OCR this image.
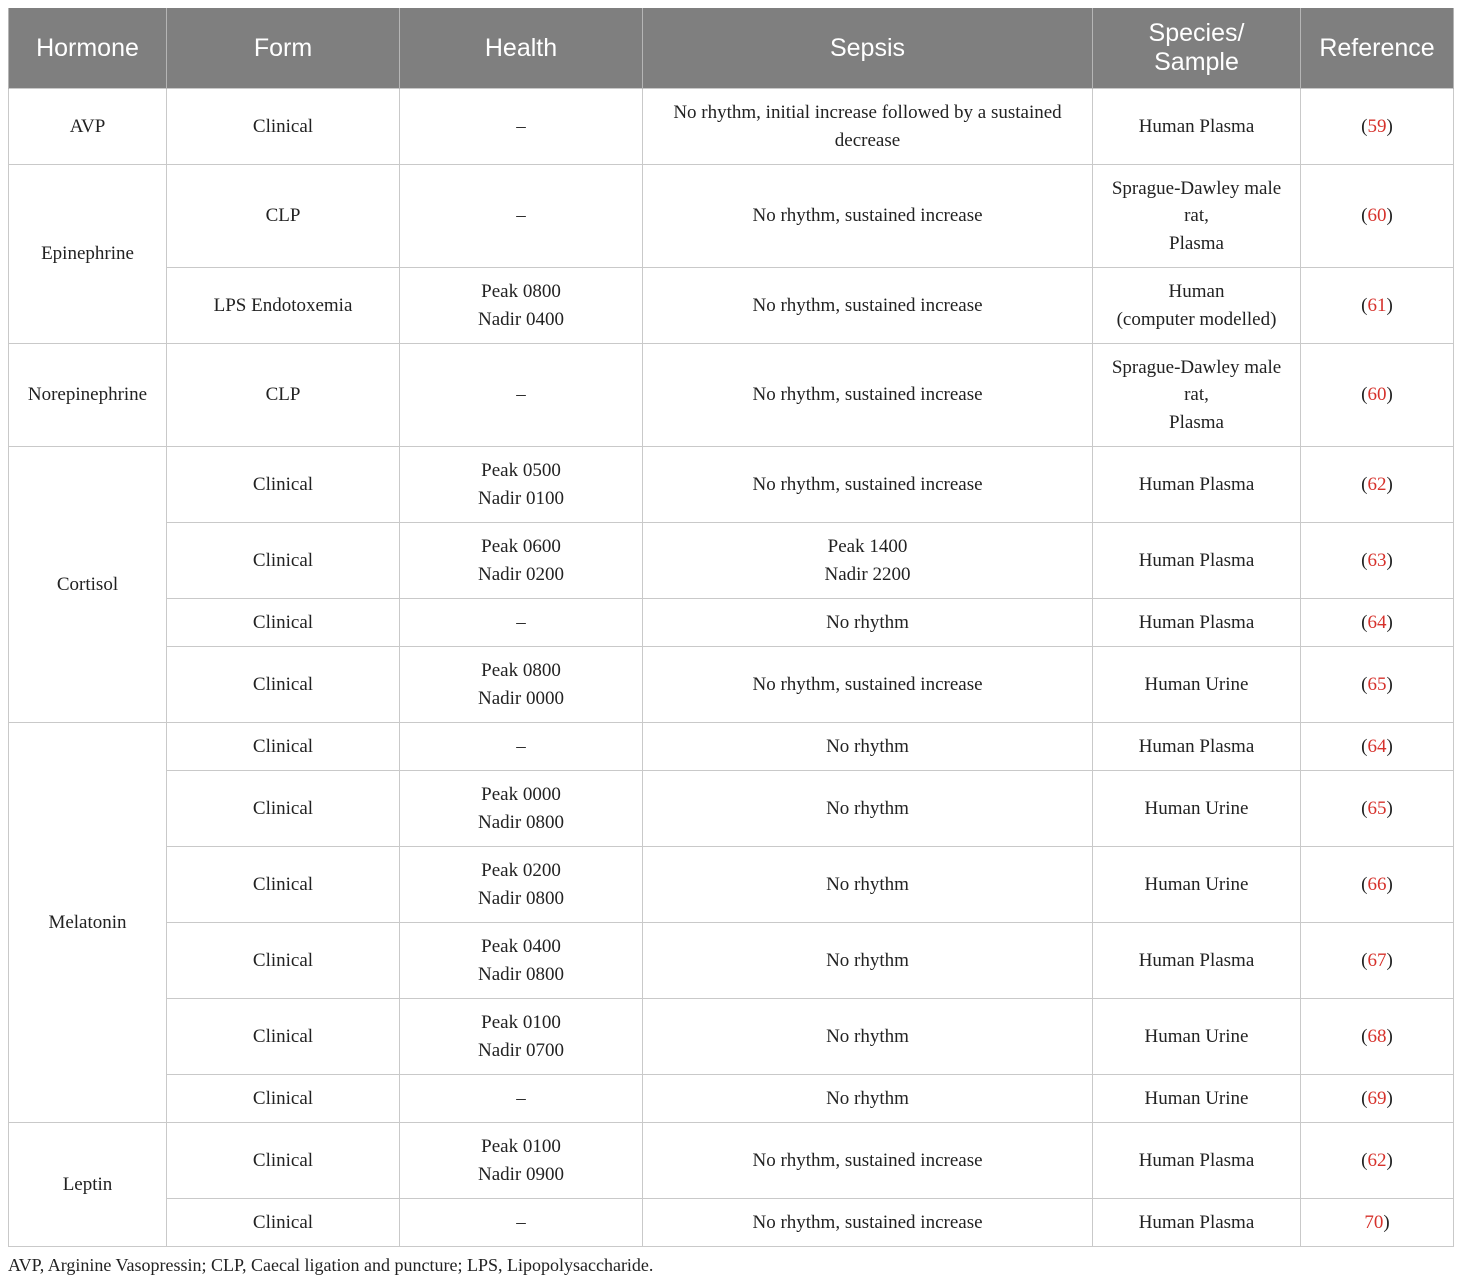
Hormone	Form	Health	Sepsis	Species/
Sample	Reference
AVP	Clinical	–	No rhythm, initial increase followed by a sustained decrease	Human Plasma	(59)
Epinephrine	CLP	–	No rhythm, sustained increase	Sprague-Dawley male rat,
Plasma	(60)
	LPS Endotoxemia	Peak 0800
Nadir 0400	No rhythm, sustained increase	Human
(computer modelled)	(61)
Norepinephrine	CLP	–	No rhythm, sustained increase	Sprague-Dawley male rat,
Plasma	(60)
Cortisol	Clinical	Peak 0500
Nadir 0100	No rhythm, sustained increase	Human Plasma	(62)
	Clinical	Peak 0600
Nadir 0200	Peak 1400
Nadir 2200	Human Plasma	(63)
	Clinical	–	No rhythm	Human Plasma	(64)
	Clinical	Peak 0800
Nadir 0000	No rhythm, sustained increase	Human Urine	(65)
Melatonin	Clinical	–	No rhythm	Human Plasma	(64)
	Clinical	Peak 0000
Nadir 0800	No rhythm	Human Urine	(65)
	Clinical	Peak 0200
Nadir 0800	No rhythm	Human Urine	(66)
	Clinical	Peak 0400
Nadir 0800	No rhythm	Human Plasma	(67)
	Clinical	Peak 0100
Nadir 0700	No rhythm	Human Urine	(68)
	Clinical	–	No rhythm	Human Urine	(69)
Leptin	Clinical	Peak 0100
Nadir 0900	No rhythm, sustained increase	Human Plasma	(62)
	Clinical	–	No rhythm, sustained increase	Human Plasma	70)
AVP, Arginine Vasopressin; CLP, Caecal ligation and puncture; LPS, Lipopolysaccharide.
